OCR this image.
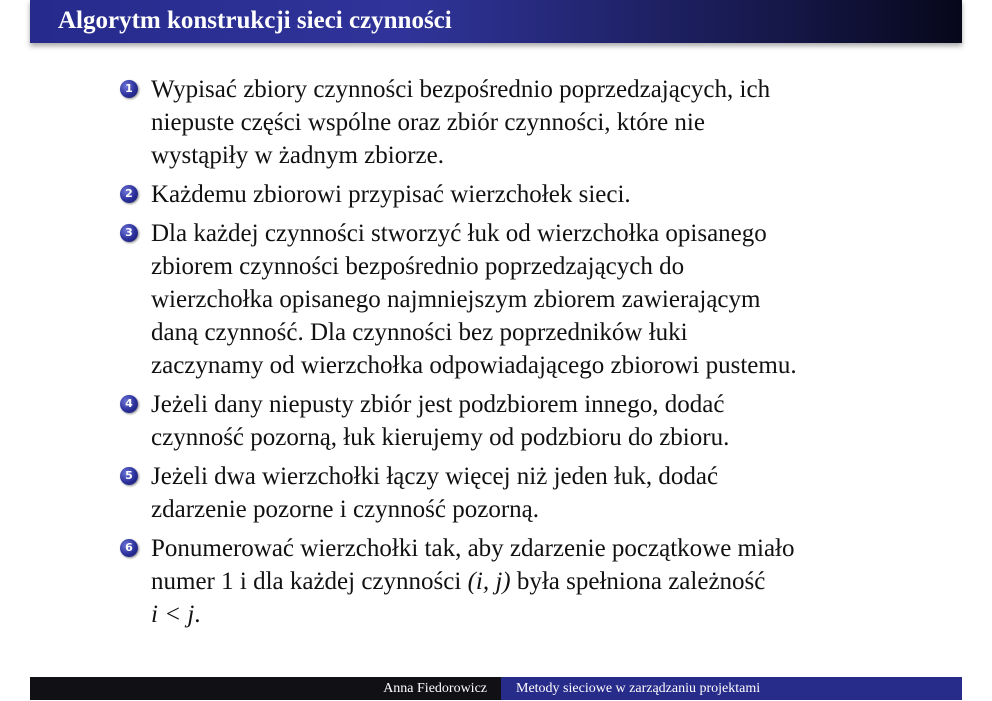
Algorytm konstrukcji sieci czynności
1 Wypisać zbiory czynności bezpośrednio poprzedzających, ich
niepuste części wspólne oraz zbiór czynności, które nie
wystąpiły w żadnym zbiorze.
2 Każdemu zbiorowi przypisać wierzchołek sieci.
3 Dla każdej czynności stworzyć łuk od wierzchołka opisanego
zbiorem czynności bezpośrednio poprzedzających do
wierzchołka opisanego najmniejszym zbiorem zawierającym
daną czynność. Dla czynności bez poprzedników łuki
zaczynamy od wierzchołka odpowiadającego zbiorowi pustemu.
4 Jeżeli dany niepusty zbiór jest podzbiorem innego, dodać
czynność pozorną, łuk kierujemy od podzbioru do zbioru.
5 Jeżeli dwa wierzchołki łączy więcej niż jeden łuk, dodać
zdarzenie pozorne i czynność pozorną.
6 Ponumerować wierzchołki tak, aby zdarzenie początkowe miało
numer 1 i dla każdej czynności (i, j) była spełniona zależność
i < j.
Anna Fiedorowicz	Metody sieciowe w zarządzaniu projektami
